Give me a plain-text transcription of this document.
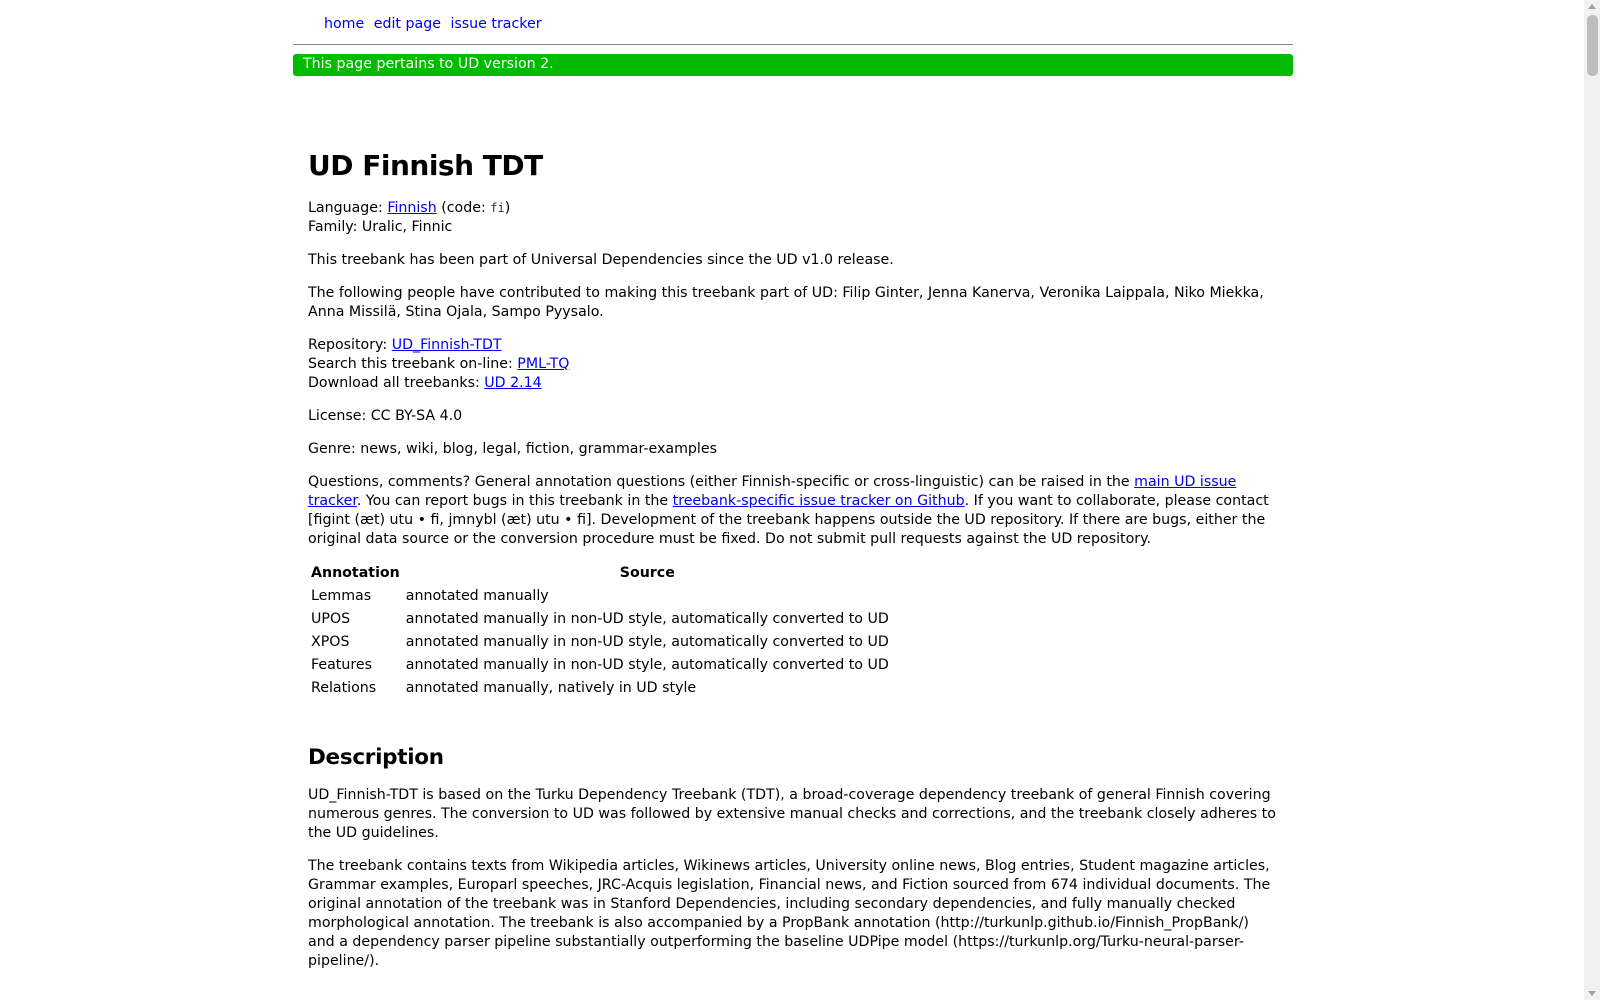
home edit page issue tracker
This page pertains to UD version 2.
UD Finnish TDT

Language: Finnish (code: fi)
Family: Uralic, Finnic

This treebank has been part of Universal Dependencies since the UD v1.0 release.

The following people have contributed to making this treebank part of UD: Filip Ginter, Jenna Kanerva, Veronika Laippala, Niko Miekka, Anna Missilä, Stina Ojala, Sampo Pyysalo.

Repository: UD_Finnish-TDT
Search this treebank on-line: PML-TQ
Download all treebanks: UD 2.14

License: CC BY-SA 4.0

Genre: news, wiki, blog, legal, fiction, grammar-examples

Questions, comments? General annotation questions (either Finnish-specific or cross-linguistic) can be raised in the main UD issue tracker. You can report bugs in this treebank in the treebank-specific issue tracker on Github. If you want to collaborate, please contact [figint (æt) utu • fi, jmnybl (æt) utu • fi]. Development of the treebank happens outside the UD repository. If there are bugs, either the original data source or the conversion procedure must be fixed. Do not submit pull requests against the UD repository.

Annotation	Source
Lemmas	annotated manually
UPOS	annotated manually in non-UD style, automatically converted to UD
XPOS	annotated manually in non-UD style, automatically converted to UD
Features	annotated manually in non-UD style, automatically converted to UD
Relations	annotated manually, natively in UD style
Description

UD_Finnish-TDT is based on the Turku Dependency Treebank (TDT), a broad-coverage dependency treebank of general Finnish covering numerous genres. The conversion to UD was followed by extensive manual checks and corrections, and the treebank closely adheres to the UD guidelines.

The treebank contains texts from Wikipedia articles, Wikinews articles, University online news, Blog entries, Student magazine articles, Grammar examples, Europarl speeches, JRC-Acquis legislation, Financial news, and Fiction sourced from 674 individual documents. The original annotation of the treebank was in Stanford Dependencies, including secondary dependencies, and fully manually checked morphological annotation. The treebank is also accompanied by a PropBank annotation (http://turkunlp.github.io/Finnish_PropBank/) and a dependency parser pipeline substantially outperforming the baseline UDPipe model (https://turkunlp.org/Turku-neural-parser-pipeline/).
